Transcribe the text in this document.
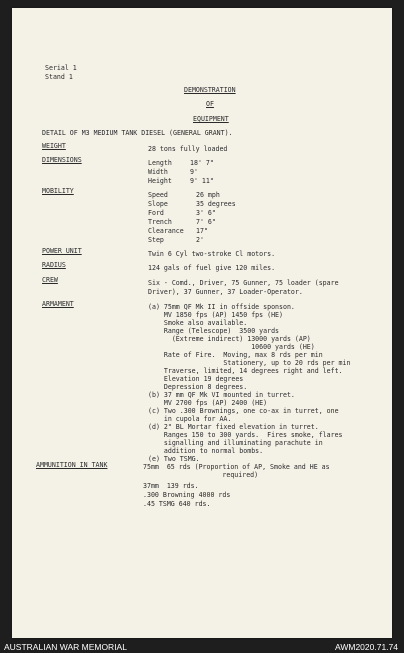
Serial 1
Stand 1
DEMONSTRATION
OF
EQUIPMENT
DETAIL OF M3 MEDIUM TANK DIESEL (GENERAL GRANT).
WEIGHT	28 tons fully loaded
DIMENSIONS	Length	18' 7"
Width	9'
Height	9' 11"
MOBILITY	Speed	26 mph
Slope	35 degrees
Ford	3' 6"
Trench	7' 6"
Clearance 17"
Step	2'
POWER UNIT	Twin 6 Cyl two-stroke Cl motors.
RADIUS	124 gals of fuel give 120 miles.
CREW	Six - Comd., Driver, 75 Gunner, 75 loader (spare
Driver), 37 Gunner, 37 Loader-Operator.
ARMAMENT	(a) 75mm QF Mk II in offside sponson.
MV 1850 fps (AP) 1450 fps (HE)
Smoke also available.
Range (Telescope)  3500 yards
(Extreme indirect) 13000 yards (AP)
10600 yards (HE)
Rate of Fire.  Moving, max 8 rds per min
Stationery, up to 20 rds per min
Traverse, limited, 14 degrees right and left.
Elevation 19 degrees
Depression 8 degrees.
(b) 37 mm QF Mk VI mounted in turret.
MV 2700 fps (AP) 2400 (HE)
(c) Two .300 Brownings, one co-ax in turret, one
in cupola for AA.
(d) 2" BL Mortar fixed elevation in turret.
Ranges 150 to 300 yards.  Fires smoke, flares
signalling and illuminating parachute in
addition to normal bombs.
(e) Two TSMG.
AMMUNITION IN TANK	75mm  65 rds (Proportion of AP, Smoke and HE as
required)
37mm  139 rds.
.300 Browning 4000 rds
.45 TSMG 640 rds.
AUSTRALIAN WAR MEMORIAL	AWM2020.71.74
